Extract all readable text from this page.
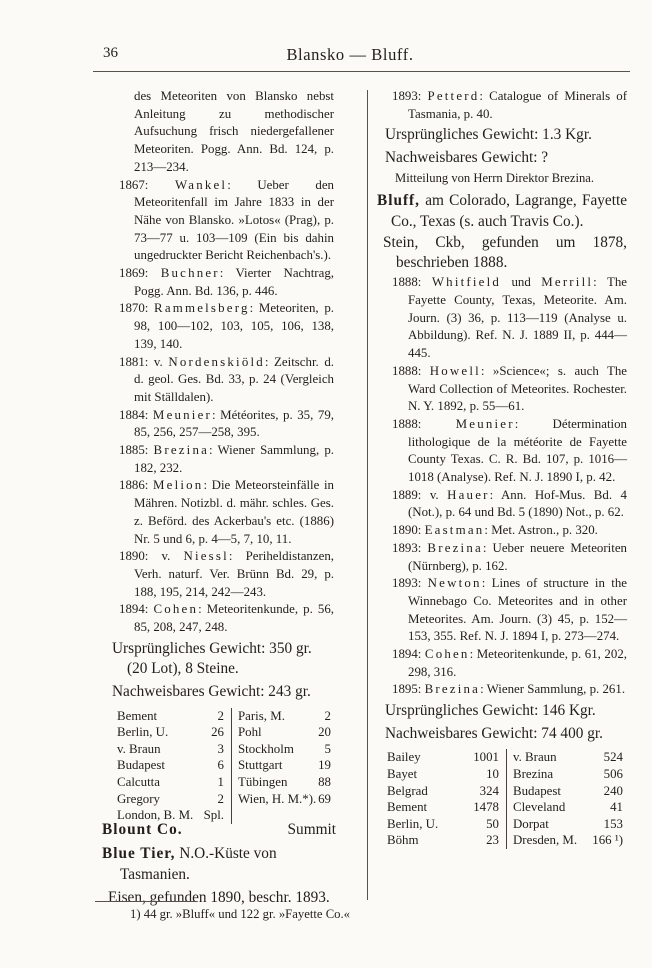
36	Blansko — Bluff.

des Meteoriten von Blansko nebst Anleitung zu methodischer Aufsuchung frisch niedergefallener Meteoriten. Pogg. Ann. Bd. 124, p. 213—234.

1867: Wankel: Ueber den Meteoritenfall im Jahre 1833 in der Nähe von Blansko. »Lotos« (Prag), p. 73—77 u. 103—109 (Ein bis dahin ungedruckter Bericht Reichenbach's.).

1869: Buchner: Vierter Nachtrag, Pogg. Ann. Bd. 136, p. 446.

1870: Rammelsberg: Meteoriten, p. 98, 100—102, 103, 105, 106, 138, 139, 140.

1881: v. Nordenskiöld: Zeitschr. d. d. geol. Ges. Bd. 33, p. 24 (Vergleich mit Ställdalen).

1884: Meunier: Météorites, p. 35, 79, 85, 256, 257—258, 395.

1885: Brezina: Wiener Sammlung, p. 182, 232.

1886: Melion: Die Meteorsteinfälle in Mähren. Notizbl. d. mähr. schles. Ges. z. Beförd. des Ackerbau's etc. (1886) Nr. 5 und 6, p. 4—5, 7, 10, 11.

1890: v. Niessl: Periheldistanzen, Verh. naturf. Ver. Brünn Bd. 29, p. 188, 195, 214, 242—243.

1894: Cohen: Meteoritenkunde, p. 56, 85, 208, 247, 248.

Ursprüngliches Gewicht: 350 gr. (20 Lot), 8 Steine.

Nachweisbares Gewicht: 243 gr.

Bement	2 Paris, M.	2
Berlin, U.	26 Pohl	20
v. Braun	3 Stockholm 5
Budapest	6 Stuttgart	19
Calcutta	1 Tübingen 88
Gregory	2 Wien, H. M.*). 69
London, B. M. Spl.

1893: Petterd: Catalogue of Minerals of Tasmania, p. 40.

Ursprüngliches Gewicht: 1.3 Kgr.

Nachweisbares Gewicht: ?

Mitteilung von Herrn Direktor Brezina.

Bluff, am Colorado, Lagrange, Fayette Co., Texas (s. auch Travis Co.).

Stein, Ckb, gefunden um 1878, beschrieben 1888.

1888: Whitfield und Merrill: The Fayette County, Texas, Meteorite. Am. Journ. (3) 36, p. 113—119 (Analyse u. Abbildung). Ref. N. J. 1889 II, p. 444—445.

1888: Howell: »Science«; s. auch The Ward Collection of Meteorites. Rochester. N. Y. 1892, p. 55—61.

1888: Meunier: Détermination lithologique de la météorite de Fayette County Texas. C. R. Bd. 107, p. 1016—1018 (Analyse). Ref. N. J. 1890 I, p. 42.

1889: v. Hauer: Ann. Hof-Mus. Bd. 4 (Not.), p. 64 und Bd. 5 (1890) Not., p. 62.

1890: Eastman: Met. Astron., p. 320.

1893: Brezina: Ueber neuere Meteoriten (Nürnberg), p. 162.

1893: Newton: Lines of structure in the Winnebago Co. Meteorites and in other Meteorites. Am. Journ. (3) 45, p. 152—153, 355. Ref. N. J. 1894 I, p. 273—274.

1894: Cohen: Meteoritenkunde, p. 61, 202, 298, 316.

1895: Brezina: Wiener Sammlung, p. 261.

Ursprüngliches Gewicht: 146 Kgr.

Nachweisbares Gewicht: 74 400 gr.

Bailey	1001 v. Braun	524
Bayet	10 Brezina	506
Belgrad	324 Budapest	240
Bement	1478 Cleveland	41
Berlin, U.	50 Dorpat	153
Böhm	23 Dresden, M. 166 ¹)

Blount Co.	Summit

Blue Tier, N.O.-Küste von Tasmanien.

Eisen, gefunden 1890, beschr. 1893.

1) 44 gr. »Bluff« und 122 gr. »Fayette Co.«
